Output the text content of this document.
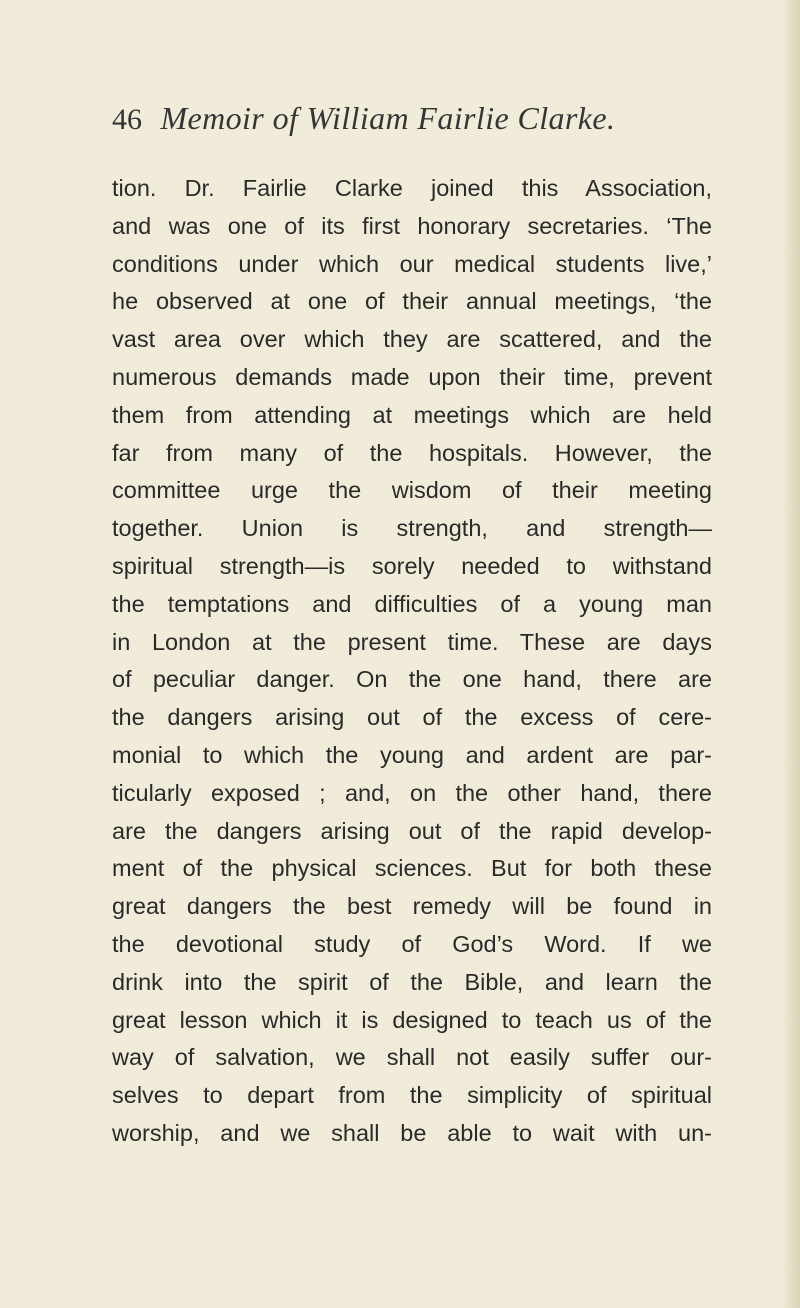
46 Memoir of William Fairlie Clarke.
tion. Dr. Fairlie Clarke joined this Association,
and was one of its first honorary secretaries. ‘The
conditions under which our medical students live,’
he observed at one of their annual meetings, ‘the
vast area over which they are scattered, and the
numerous demands made upon their time, prevent
them from attending at meetings which are held
far from many of the hospitals. However, the
committee urge the wisdom of their meeting
together. Union is strength, and strength—
spiritual strength—is sorely needed to withstand
the temptations and difficulties of a young man
in London at the present time. These are days
of peculiar danger. On the one hand, there are
the dangers arising out of the excess of cere-
monial to which the young and ardent are par-
ticularly exposed ; and, on the other hand, there
are the dangers arising out of the rapid develop-
ment of the physical sciences. But for both these
great dangers the best remedy will be found in
the devotional study of God’s Word. If we
drink into the spirit of the Bible, and learn the
great lesson which it is designed to teach us of the
way of salvation, we shall not easily suffer our-
selves to depart from the simplicity of spiritual
worship, and we shall be able to wait with un-
